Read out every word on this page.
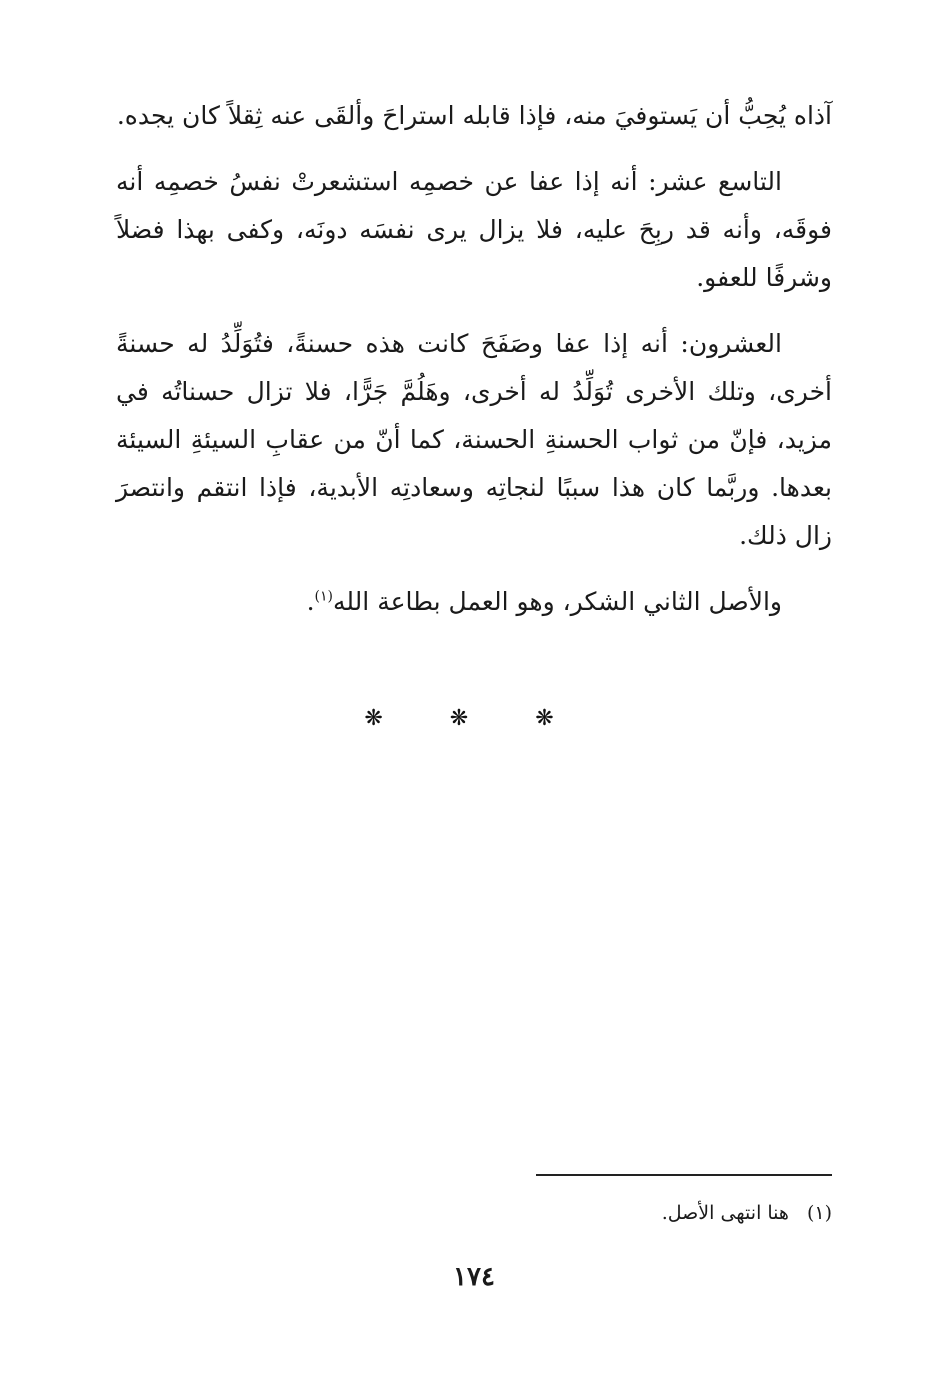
آذاه يُحِبُّ أن يَستوفيَ منه، فإذا قابله استراحَ وألقَى عنه ثِقلاً كان يجده.

التاسع عشر: أنه إذا عفا عن خصمِه استشعرتْ نفسُ خصمِه أنه فوقَه، وأنه قد ربِحَ عليه، فلا يزال يرى نفسَه دونَه، وكفى بهذا فضلاً وشرفًا للعفو.

العشرون: أنه إذا عفا وصَفَحَ كانت هذه حسنةً، فتُوَلِّدُ له حسنةً أخرى، وتلك الأخرى تُوَلِّدُ له أخرى، وهَلُمَّ جَرًّا، فلا تزال حسناتُه في مزيد، فإنّ من ثواب الحسنةِ الحسنة، كما أنّ من عقابِ السيئةِ السيئة بعدها. وربَّما كان هذا سببًا لنجاتِه وسعادتِه الأبدية، فإذا انتقم وانتصرَ زال ذلك.

والأصل الثاني الشكر، وهو العمل بطاعة الله$^{(١)}$.

❋ ❋ ❋
(١)هنا انتهى الأصل.
١٧٤
